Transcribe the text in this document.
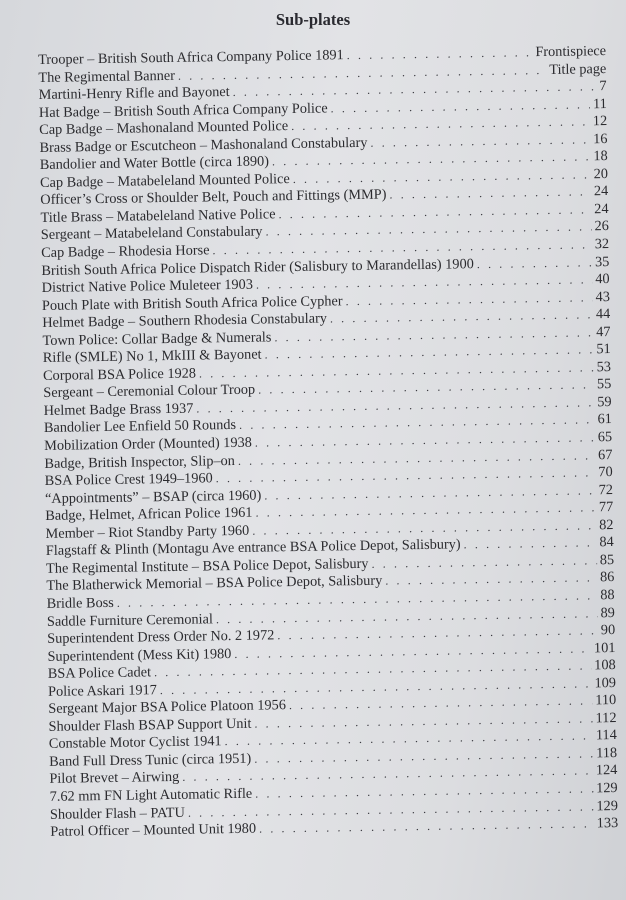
Sub-plates
Trooper – British South Africa Company Police 1891 . . .	Frontispiece
The Regimental Banner . . .	Title page
Martini-Henry Rifle and Bayonet . . .	7
Hat Badge – British South Africa Company Police . . .	11
Cap Badge – Mashonaland Mounted Police . . .	12
Brass Badge or Escutcheon – Mashonaland Constabulary . . .	16
Bandolier and Water Bottle (circa 1890) . . .	18
Cap Badge – Matabeleland Mounted Police . . .	20
Officer’s Cross or Shoulder Belt, Pouch and Fittings (MMP) . . .	24
Title Brass – Matabeleland Native Police . . .	24
Sergeant – Matabeleland Constabulary . . .	26
Cap Badge – Rhodesia Horse . . .	32
British South Africa Police Dispatch Rider (Salisbury to Marandellas) 1900 . . .	35
District Native Police Muleteer 1903 . . .	40
Pouch Plate with British South Africa Police Cypher . . .	43
Helmet Badge – Southern Rhodesia Constabulary . . .	44
Town Police: Collar Badge & Numerals . . .	47
Rifle (SMLE) No 1, MkIII & Bayonet . . .	51
Corporal BSA Police 1928 . . .	53
Sergeant – Ceremonial Colour Troop . . .	55
Helmet Badge Brass 1937 . . .	59
Bandolier Lee Enfield 50 Rounds . . .	61
Mobilization Order (Mounted) 1938 . . .	65
Badge, British Inspector, Slip–on . . .	67
BSA Police Crest 1949–1960 . . .	70
“Appointments” – BSAP (circa 1960) . . .	72
Badge, Helmet, African Police 1961 . . .	77
Member – Riot Standby Party 1960 . . .	82
Flagstaff & Plinth (Montagu Ave entrance BSA Police Depot, Salisbury) . . .	84
The Regimental Institute – BSA Police Depot, Salisbury . . .	85
The Blatherwick Memorial – BSA Police Depot, Salisbury . . .	86
Bridle Boss . . .	88
Saddle Furniture Ceremonial . . .	89
Superintendent Dress Order No. 2 1972 . . .	90
Superintendent (Mess Kit) 1980 . . .	101
BSA Police Cadet . . .	108
Police Askari 1917 . . .	109
Sergeant Major BSA Police Platoon 1956 . . .	110
Shoulder Flash BSAP Support Unit . . .	112
Constable Motor Cyclist 1941 . . .	114
Band Full Dress Tunic (circa 1951) . . .	118
Pilot Brevet – Airwing . . .	124
7.62 mm FN Light Automatic Rifle . . .	129
Shoulder Flash – PATU . . .	129
Patrol Officer – Mounted Unit 1980 . . .	133
